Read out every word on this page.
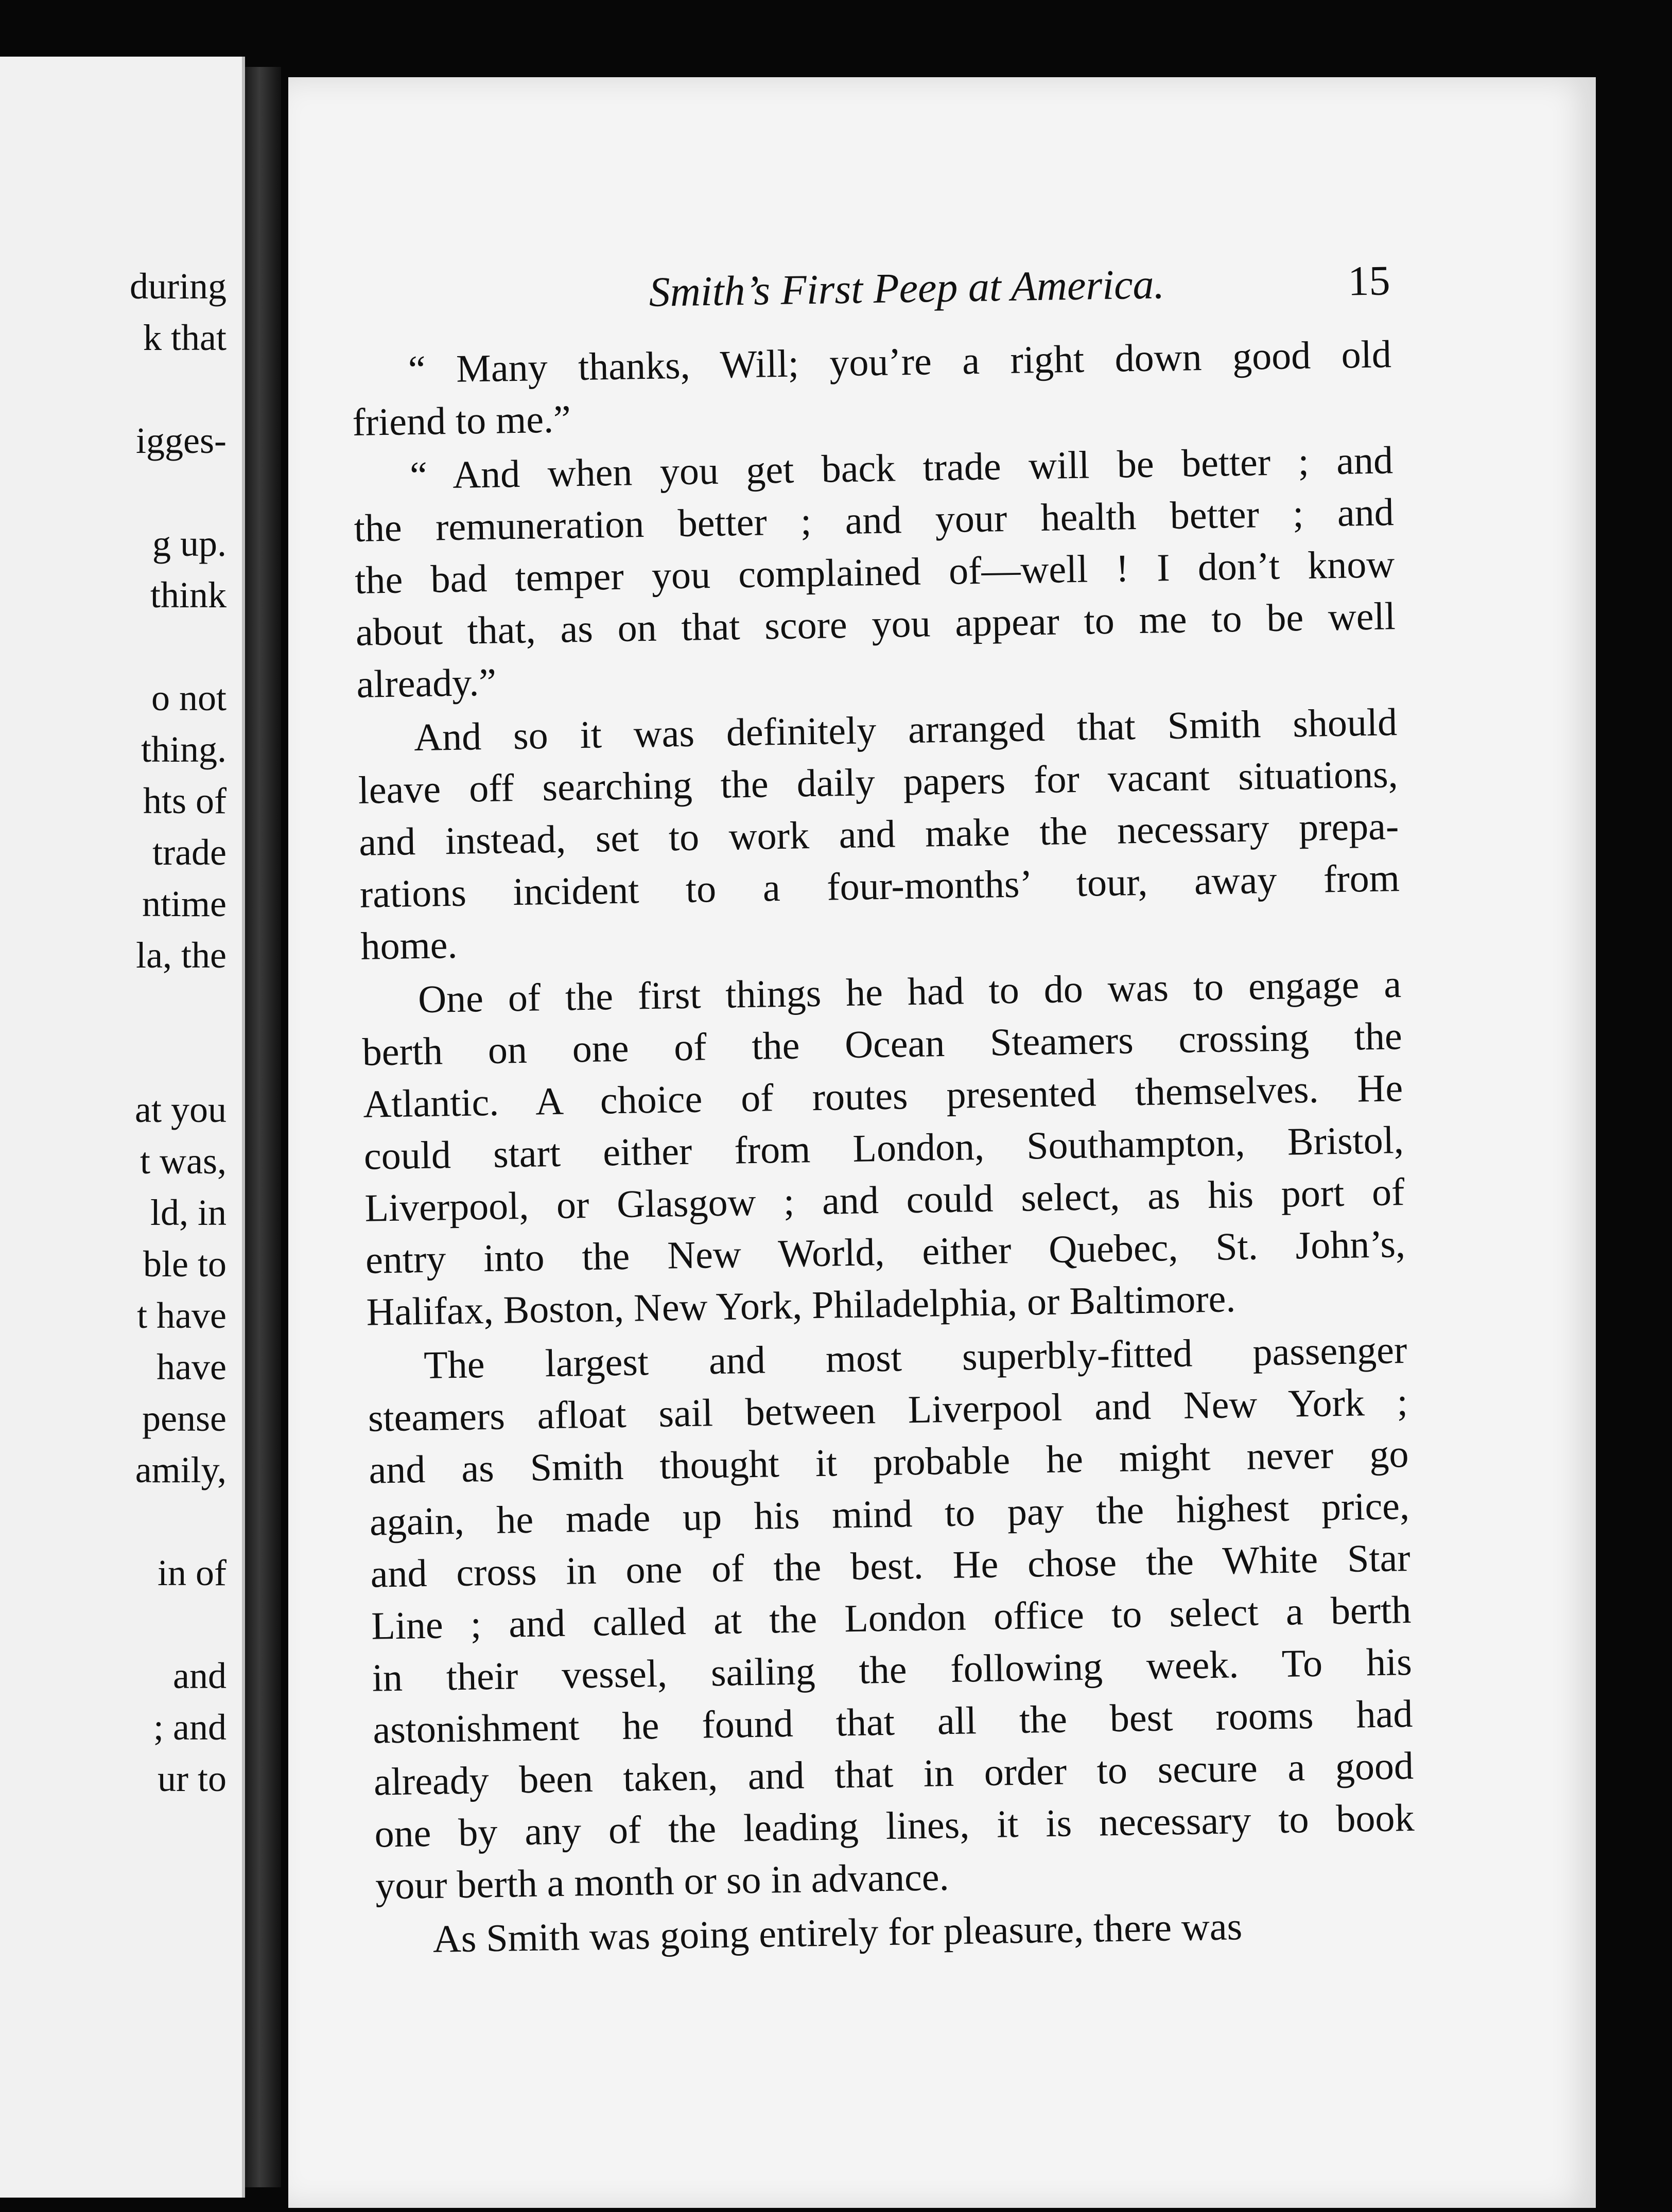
during
k that
igges-
g up.
think
o not
thing.
hts of
trade
ntime
la, the
at you
t was,
ld, in
ble to
t have
have
pense
amily,
in of
and
; and
ur to
Smith’s First Peep at America.	15
“ Many thanks, Will; you’re a right down good old
friend to me.”
“ And when you get back trade will be better ; and
the remuneration better ; and your health better ; and
the bad temper you complained of—well ! I don’t know
about that, as on that score you appear to me to be well
already.”
And so it was definitely arranged that Smith should
leave off searching the daily papers for vacant situations,
and instead, set to work and make the necessary prepa-
rations incident to a four-months’ tour, away from
home.
One of the first things he had to do was to engage a
berth on one of the Ocean Steamers crossing the
Atlantic. A choice of routes presented themselves. He
could start either from London, Southampton, Bristol,
Liverpool, or Glasgow ; and could select, as his port of
entry into the New World, either Quebec, St. John’s,
Halifax, Boston, New York, Philadelphia, or Baltimore.
The largest and most superbly-fitted passenger
steamers afloat sail between Liverpool and New York ;
and as Smith thought it probable he might never go
again, he made up his mind to pay the highest price,
and cross in one of the best. He chose the White Star
Line ; and called at the London office to select a berth
in their vessel, sailing the following week. To his
astonishment he found that all the best rooms had
already been taken, and that in order to secure a good
one by any of the leading lines, it is necessary to book
your berth a month or so in advance.
As Smith was going entirely for pleasure, there was
